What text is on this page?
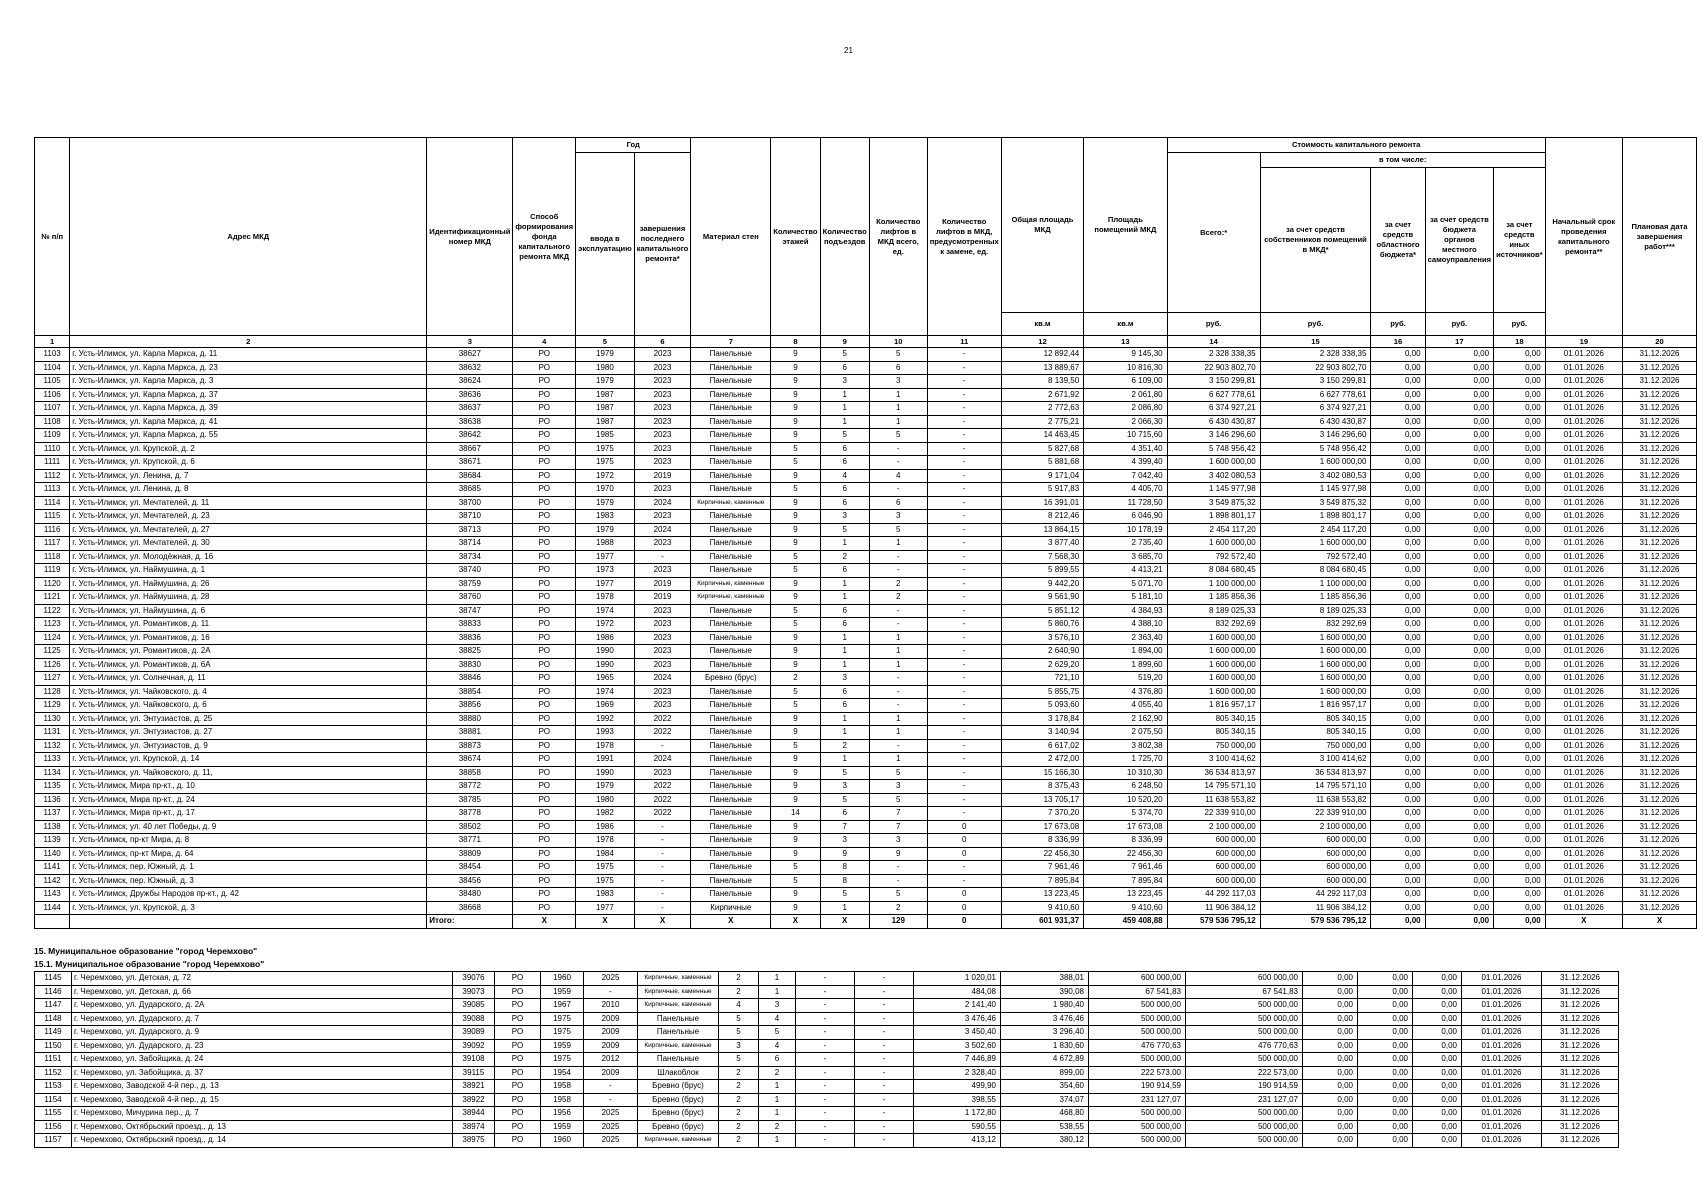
21
№ п/п	Адрес МКД	Идентификационный номер МКД	Способ формирования фонда капитального ремонта МКД	Год		Материал стен	Количество этажей	Количество подъездов	Количество лифтов в МКД всего, ед.	Количество лифтов в МКД, предусмотренных к замене, ед.	Общая площадь МКД	Площадь помещений МКД	Стоимость капитального ремонта					Начальный срок проведения капитального ремонта**	Плановая дата завершения работ***
				ввода в эксплуатацию	завершения последнего капитального ремонта*								Всего:*	в том числе:					
														за счет средств собственников помещений в МКД*	за счет средств областного бюджета*	за счет средств бюджета органов местного самоуправления	за счет средств иных источников*		
											кв.м	кв.м	руб.	руб.	руб.	руб.	руб.		
1	2	3	4	5	6	7	8	9	10	11	12	13	14	15	16	17	18	19	20
1103	г. Усть-Илимск, ул. Карла Маркса, д. 11	38627	РО	1979	2023	Панельные	9	5	5	-	12 892,44	9 145,30	2 328 338,35	2 328 338,35	0,00	0,00	0,00	01.01.2026	31.12.2026
1104	г. Усть-Илимск, ул. Карла Маркса, д. 23	38632	РО	1980	2023	Панельные	9	6	6	-	13 889,67	10 816,30	22 903 802,70	22 903 802,70	0,00	0,00	0,00	01.01.2026	31.12.2026
1105	г. Усть-Илимск, ул. Карла Маркса, д. 3	38624	РО	1979	2023	Панельные	9	3	3	-	8 139,50	6 109,00	3 150 299,81	3 150 299,81	0,00	0,00	0,00	01.01.2026	31.12.2026
1106	г. Усть-Илимск, ул. Карла Маркса, д. 37	38636	РО	1987	2023	Панельные	9	1	1	-	2 671,92	2 061,80	6 627 778,61	6 627 778,61	0,00	0,00	0,00	01.01.2026	31.12.2026
1107	г. Усть-Илимск, ул. Карла Маркса, д. 39	38637	РО	1987	2023	Панельные	9	1	1	-	2 772,63	2 086,80	6 374 927,21	6 374 927,21	0,00	0,00	0,00	01.01.2026	31.12.2026
1108	г. Усть-Илимск, ул. Карла Маркса, д. 41	38638	РО	1987	2023	Панельные	9	1	1	-	2 775,21	2 066,30	6 430 430,87	6 430 430,87	0,00	0,00	0,00	01.01.2026	31.12.2026
1109	г. Усть-Илимск, ул. Карла Маркса, д. 55	38642	РО	1985	2023	Панельные	9	5	5	-	14 463,45	10 715,60	3 146 296,60	3 146 296,60	0,00	0,00	0,00	01.01.2026	31.12.2026
1110	г. Усть-Илимск, ул. Крупской, д. 2	38667	РО	1975	2023	Панельные	5	6	-	-	5 827,68	4 351,40	5 748 956,42	5 748 956,42	0,00	0,00	0,00	01.01.2026	31.12.2026
1111	г. Усть-Илимск, ул. Крупской, д. 6	38671	РО	1975	2023	Панельные	5	6	-	-	5 881,68	4 399,40	1 600 000,00	1 600 000,00	0,00	0,00	0,00	01.01.2026	31.12.2026
1112	г. Усть-Илимск, ул. Ленина, д. 7	38684	РО	1972	2019	Панельные	9	4	4	-	9 171,04	7 042,40	3 402 080,53	3 402 080,53	0,00	0,00	0,00	01.01.2026	31.12.2026
1113	г. Усть-Илимск, ул. Ленина, д. 8	38685	РО	1970	2023	Панельные	5	6	-	-	5 917,83	4 405,70	1 145 977,98	1 145 977,98	0,00	0,00	0,00	01.01.2026	31.12.2026
1114	г. Усть-Илимск, ул. Мечтателей, д. 11	38700	РО	1979	2024	Кирпичные, каменные	9	6	6	-	16 391,01	11 728,50	3 549 875,32	3 549 875,32	0,00	0,00	0,00	01.01.2026	31.12.2026
1115	г. Усть-Илимск, ул. Мечтателей, д. 23	38710	РО	1983	2023	Панельные	9	3	3	-	8 212,46	6 046,90	1 898 801,17	1 898 801,17	0,00	0,00	0,00	01.01.2026	31.12.2026
1116	г. Усть-Илимск, ул. Мечтателей, д. 27	38713	РО	1979	2024	Панельные	9	5	5	-	13 864,15	10 178,19	2 454 117,20	2 454 117,20	0,00	0,00	0,00	01.01.2026	31.12.2026
1117	г. Усть-Илимск, ул. Мечтателей, д. 30	38714	РО	1988	2023	Панельные	9	1	1	-	3 877,40	2 735,40	1 600 000,00	1 600 000,00	0,00	0,00	0,00	01.01.2026	31.12.2026
1118	г. Усть-Илимск, ул. Молодёжная, д. 16	38734	РО	1977	-	Панельные	5	2	-	-	7 568,30	3 685,70	792 572,40	792 572,40	0,00	0,00	0,00	01.01.2026	31.12.2026
1119	г. Усть-Илимск, ул. Наймушина, д. 1	38740	РО	1973	2023	Панельные	5	6	-	-	5 899,55	4 413,21	8 084 680,45	8 084 680,45	0,00	0,00	0,00	01.01.2026	31.12.2026
1120	г. Усть-Илимск, ул. Наймушина, д. 26	38759	РО	1977	2019	Кирпичные, каменные	9	1	2	-	9 442,20	5 071,70	1 100 000,00	1 100 000,00	0,00	0,00	0,00	01.01.2026	31.12.2026
1121	г. Усть-Илимск, ул. Наймушина, д. 28	38760	РО	1978	2019	Кирпичные, каменные	9	1	2	-	9 561,90	5 181,10	1 185 856,36	1 185 856,36	0,00	0,00	0,00	01.01.2026	31.12.2026
1122	г. Усть-Илимск, ул. Наймушина, д. 6	38747	РО	1974	2023	Панельные	5	6	-	-	5 851,12	4 384,93	8 189 025,33	8 189 025,33	0,00	0,00	0,00	01.01.2026	31.12.2026
1123	г. Усть-Илимск, ул. Романтиков, д. 11	38833	РО	1972	2023	Панельные	5	6	-	-	5 860,76	4 388,10	832 292,69	832 292,69	0,00	0,00	0,00	01.01.2026	31.12.2026
1124	г. Усть-Илимск, ул. Романтиков, д. 16	38836	РО	1986	2023	Панельные	9	1	1	-	3 576,10	2 363,40	1 600 000,00	1 600 000,00	0,00	0,00	0,00	01.01.2026	31.12.2026
1125	г. Усть-Илимск, ул. Романтиков, д. 2А	38825	РО	1990	2023	Панельные	9	1	1	-	2 640,90	1 894,00	1 600 000,00	1 600 000,00	0,00	0,00	0,00	01.01.2026	31.12.2026
1126	г. Усть-Илимск, ул. Романтиков, д. 6А	38830	РО	1990	2023	Панельные	9	1	1	-	2 629,20	1 899,60	1 600 000,00	1 600 000,00	0,00	0,00	0,00	01.01.2026	31.12.2026
1127	г. Усть-Илимск, ул. Солнечная, д. 11	38846	РО	1965	2024	Бревно (брус)	2	3	-	-	721,10	519,20	1 600 000,00	1 600 000,00	0,00	0,00	0,00	01.01.2026	31.12.2026
1128	г. Усть-Илимск, ул. Чайковского, д. 4	38854	РО	1974	2023	Панельные	5	6	-	-	5 855,75	4 376,80	1 600 000,00	1 600 000,00	0,00	0,00	0,00	01.01.2026	31.12.2026
1129	г. Усть-Илимск, ул. Чайковского, д. 6	38856	РО	1969	2023	Панельные	5	6	-	-	5 093,60	4 055,40	1 816 957,17	1 816 957,17	0,00	0,00	0,00	01.01.2026	31.12.2026
1130	г. Усть-Илимск, ул. Энтузиастов, д. 25	38880	РО	1992	2022	Панельные	9	1	1	-	3 178,84	2 162,90	805 340,15	805 340,15	0,00	0,00	0,00	01.01.2026	31.12.2026
1131	г. Усть-Илимск, ул. Энтузиастов, д. 27	38881	РО	1993	2022	Панельные	9	1	1	-	3 140,94	2 075,50	805 340,15	805 340,15	0,00	0,00	0,00	01.01.2026	31.12.2026
1132	г. Усть-Илимск, ул. Энтузиастов, д. 9	38873	РО	1978	-	Панельные	5	2	-	-	6 617,02	3 802,38	750 000,00	750 000,00	0,00	0,00	0,00	01.01.2026	31.12.2026
1133	г. Усть-Илимск, ул. Крупской, д. 14	38674	РО	1991	2024	Панельные	9	1	1	-	2 472,00	1 725,70	3 100 414,62	3 100 414,62	0,00	0,00	0,00	01.01.2026	31.12.2026
1134	г. Усть-Илимск, ул. Чайковского, д. 11,	38858	РО	1990	2023	Панельные	9	5	5	-	15 166,30	10 310,30	36 534 813,97	36 534 813,97	0,00	0,00	0,00	01.01.2026	31.12.2026
1135	г. Усть-Илимск, Мира пр-кт., д. 10	38772	РО	1979	2022	Панельные	9	3	3	-	8 375,43	6 248,50	14 795 571,10	14 795 571,10	0,00	0,00	0,00	01.01.2026	31.12.2026
1136	г. Усть-Илимск, Мира пр-кт., д. 24	38785	РО	1980	2022	Панельные	9	5	5	-	13 705,17	10 520,20	11 638 553,82	11 638 553,82	0,00	0,00	0,00	01.01.2026	31.12.2026
1137	г. Усть-Илимск, Мира пр-кт., д. 17	38778	РО	1982	2022	Панельные	14	6	7	-	7 370,20	5 374,70	22 339 910,00	22 339 910,00	0,00	0,00	0,00	01.01.2026	31.12.2026
1138	г. Усть-Илимск, ул. 40 лет Победы, д. 9	38502	РО	1986	-	Панельные	9	7	7	0	17 673,08	17 673,08	2 100 000,00	2 100 000,00	0,00	0,00	0,00	01.01.2026	31.12.2026
1139	г. Усть-Илимск, пр-кт Мира, д. 8	38771	РО	1978	-	Панельные	9	3	3	0	8 336,99	8 336,99	600 000,00	600 000,00	0,00	0,00	0,00	01.01.2026	31.12.2026
1140	г. Усть-Илимск, пр-кт Мира, д. 64	38809	РО	1984	-	Панельные	9	9	9	0	22 456,30	22 456,30	600 000,00	600 000,00	0,00	0,00	0,00	01.01.2026	31.12.2026
1141	г. Усть-Илимск, пер. Южный, д. 1	38454	РО	1975	-	Панельные	5	8	-	-	7 961,46	7 961,46	600 000,00	600 000,00	0,00	0,00	0,00	01.01.2026	31.12.2026
1142	г. Усть-Илимск, пер. Южный, д. 3	38456	РО	1975	-	Панельные	5	8	-	-	7 895,84	7 895,84	600 000,00	600 000,00	0,00	0,00	0,00	01.01.2026	31.12.2026
1143	г. Усть-Илимск, Дружбы Народов пр-кт., д. 42	38480	РО	1983	-	Панельные	9	5	5	0	13 223,45	13 223,45	44 292 117,03	44 292 117,03	0,00	0,00	0,00	01.01.2026	31.12.2026
1144	г. Усть-Илимск, ул. Крупской, д. 3	38668	РО	1977	-	Кирпичные	9	1	2	0	9 410,60	9 410,60	11 906 384,12	11 906 384,12	0,00	0,00	0,00	01.01.2026	31.12.2026
		Итого:	X	X	X	X	X	X	129	0	601 931,37	459 408,88	579 536 795,12	579 536 795,12	0,00	0,00	0,00	X	X
15. Муниципальное образование "город Черемхово"
15.1. Муниципальное образование "город Черемхово"
1145	г. Черемхово, ул. Детская, д. 72	39076	РО	1960	2025	Кирпичные, каменные	2	1	-	-	1 020,01	388,01	600 000,00	600 000,00	0,00	0,00	0,00	01.01.2026	31.12.2026
1146	г. Черемхово, ул. Детская, д. 66	39073	РО	1959	-	Кирпичные, каменные	2	1	-	-	484,08	390,08	67 541,83	67 541,83	0,00	0,00	0,00	01.01.2026	31.12.2026
1147	г. Черемхово, ул. Дударского, д. 2А	39085	РО	1967	2010	Кирпичные, каменные	4	3	-	-	2 141,40	1 980,40	500 000,00	500 000,00	0,00	0,00	0,00	01.01.2026	31.12.2026
1148	г. Черемхово, ул. Дударского, д. 7	39088	РО	1975	2009	Панельные	5	4	-	-	3 476,46	3 476,46	500 000,00	500 000,00	0,00	0,00	0,00	01.01.2026	31.12.2026
1149	г. Черемхово, ул. Дударского, д. 9	39089	РО	1975	2009	Панельные	5	5	-	-	3 450,40	3 296,40	500 000,00	500 000,00	0,00	0,00	0,00	01.01.2026	31.12.2026
1150	г. Черемхово, ул. Дударского, д. 23	39092	РО	1959	2009	Кирпичные, каменные	3	4	-	-	3 502,60	1 830,60	476 770,63	476 770,63	0,00	0,00	0,00	01.01.2026	31.12.2026
1151	г. Черемхово, ул. Забойщика, д. 24	39108	РО	1975	2012	Панельные	5	6	-	-	7 446,89	4 672,89	500 000,00	500 000,00	0,00	0,00	0,00	01.01.2026	31.12.2026
1152	г. Черемхово, ул. Забойщика, д. 37	39115	РО	1954	2009	Шлакоблок	2	2	-	-	2 328,40	899,00	222 573,00	222 573,00	0,00	0,00	0,00	01.01.2026	31.12.2026
1153	г. Черемхово, Заводской 4-й пер., д. 13	38921	РО	1958	-	Бревно (брус)	2	1	-	-	499,90	354,60	190 914,59	190 914,59	0,00	0,00	0,00	01.01.2026	31.12.2026
1154	г. Черемхово, Заводской 4-й пер., д. 15	38922	РО	1958	-	Бревно (брус)	2	1	-	-	398,55	374,07	231 127,07	231 127,07	0,00	0,00	0,00	01.01.2026	31.12.2026
1155	г. Черемхово, Мичурина пер., д. 7	38944	РО	1956	2025	Бревно (брус)	2	1	-	-	1 172,80	468,80	500 000,00	500 000,00	0,00	0,00	0,00	01.01.2026	31.12.2026
1156	г. Черемхово, Октябрьский проезд., д. 13	38974	РО	1959	2025	Бревно (брус)	2	2	-	-	590,55	538,55	500 000,00	500 000,00	0,00	0,00	0,00	01.01.2026	31.12.2026
1157	г. Черемхово, Октябрьский проезд., д. 14	38975	РО	1960	2025	Кирпичные, каменные	2	1	-	-	413,12	380,12	500 000,00	500 000,00	0,00	0,00	0,00	01.01.2026	31.12.2026
